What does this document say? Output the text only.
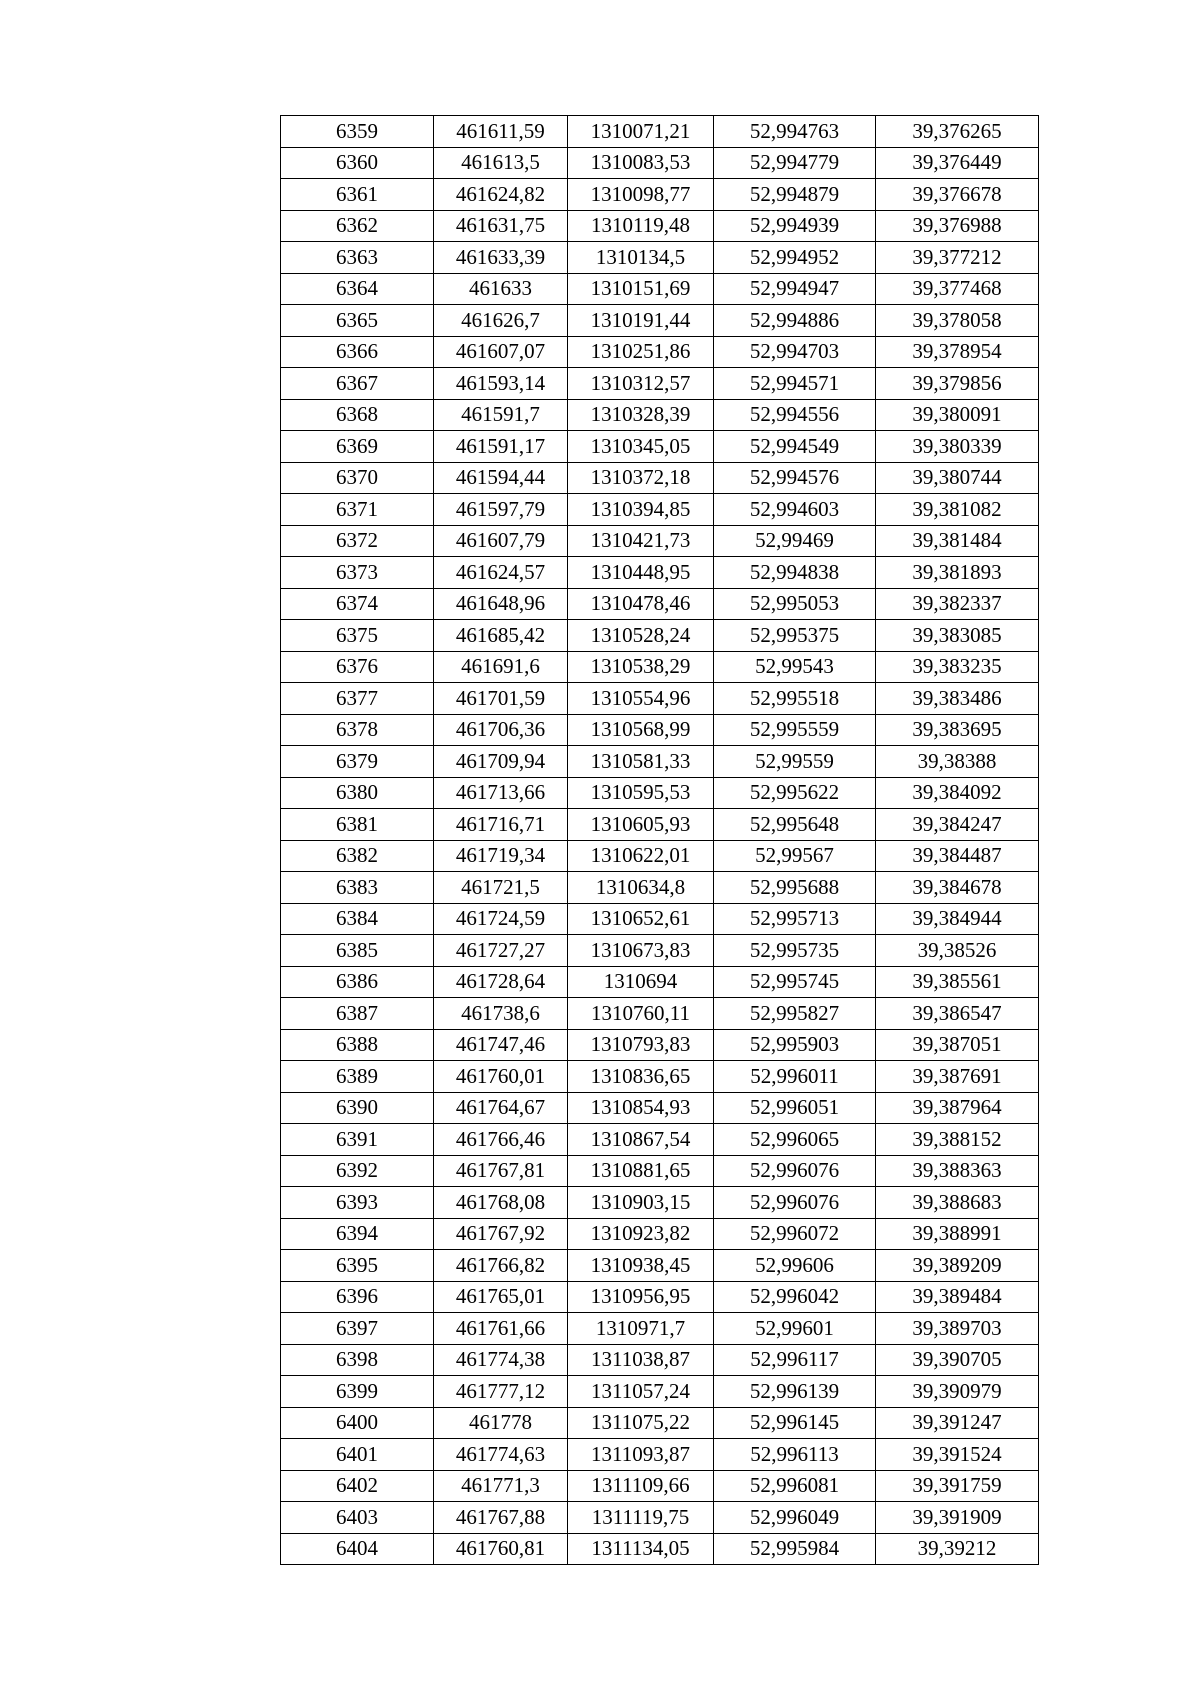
6359	461611,59	1310071,21	52,994763	39,376265
6360	461613,5	1310083,53	52,994779	39,376449
6361	461624,82	1310098,77	52,994879	39,376678
6362	461631,75	1310119,48	52,994939	39,376988
6363	461633,39	1310134,5	52,994952	39,377212
6364	461633	1310151,69	52,994947	39,377468
6365	461626,7	1310191,44	52,994886	39,378058
6366	461607,07	1310251,86	52,994703	39,378954
6367	461593,14	1310312,57	52,994571	39,379856
6368	461591,7	1310328,39	52,994556	39,380091
6369	461591,17	1310345,05	52,994549	39,380339
6370	461594,44	1310372,18	52,994576	39,380744
6371	461597,79	1310394,85	52,994603	39,381082
6372	461607,79	1310421,73	52,99469	39,381484
6373	461624,57	1310448,95	52,994838	39,381893
6374	461648,96	1310478,46	52,995053	39,382337
6375	461685,42	1310528,24	52,995375	39,383085
6376	461691,6	1310538,29	52,99543	39,383235
6377	461701,59	1310554,96	52,995518	39,383486
6378	461706,36	1310568,99	52,995559	39,383695
6379	461709,94	1310581,33	52,99559	39,38388
6380	461713,66	1310595,53	52,995622	39,384092
6381	461716,71	1310605,93	52,995648	39,384247
6382	461719,34	1310622,01	52,99567	39,384487
6383	461721,5	1310634,8	52,995688	39,384678
6384	461724,59	1310652,61	52,995713	39,384944
6385	461727,27	1310673,83	52,995735	39,38526
6386	461728,64	1310694	52,995745	39,385561
6387	461738,6	1310760,11	52,995827	39,386547
6388	461747,46	1310793,83	52,995903	39,387051
6389	461760,01	1310836,65	52,996011	39,387691
6390	461764,67	1310854,93	52,996051	39,387964
6391	461766,46	1310867,54	52,996065	39,388152
6392	461767,81	1310881,65	52,996076	39,388363
6393	461768,08	1310903,15	52,996076	39,388683
6394	461767,92	1310923,82	52,996072	39,388991
6395	461766,82	1310938,45	52,99606	39,389209
6396	461765,01	1310956,95	52,996042	39,389484
6397	461761,66	1310971,7	52,99601	39,389703
6398	461774,38	1311038,87	52,996117	39,390705
6399	461777,12	1311057,24	52,996139	39,390979
6400	461778	1311075,22	52,996145	39,391247
6401	461774,63	1311093,87	52,996113	39,391524
6402	461771,3	1311109,66	52,996081	39,391759
6403	461767,88	1311119,75	52,996049	39,391909
6404	461760,81	1311134,05	52,995984	39,39212
